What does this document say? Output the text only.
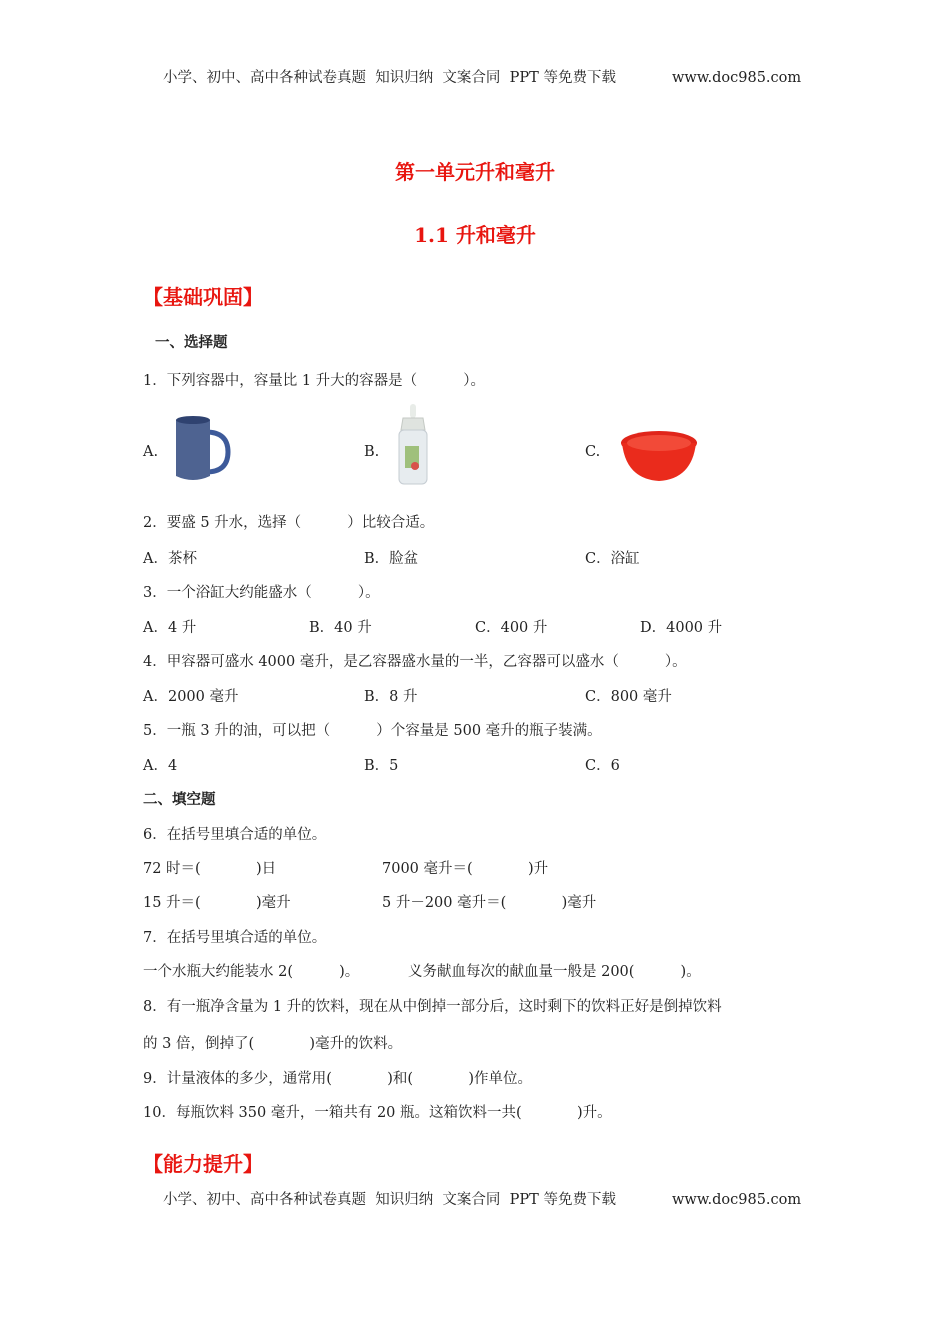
小学、初中、高中各种试卷真题  知识归纳  文案合同  PPT 等免费下载	www.doc985.com
第一单元升和毫升
1.1 升和毫升
【基础巩固】
一、选择题
1．下列容器中，容量比 1 升大的容器是（          ）。
A.	B.	C.
2．要盛 5 升水，选择（          ）比较合适。
A．茶杯	B．脸盆	C．浴缸
3．一个浴缸大约能盛水（          ）。
A．4 升	B．40 升	C．400 升	D．4000 升
4．甲容器可盛水 4000 毫升，是乙容器盛水量的一半，乙容器可以盛水（          ）。
A．2000 毫升	B．8 升	C．800 毫升
5．一瓶 3 升的油，可以把（          ）个容量是 500 毫升的瓶子装满。
A．4	B．5	C．6
二、填空题
6．在括号里填合适的单位。
72 时＝(            )日	7000 毫升＝(            )升
15 升＝(            )毫升	5 升－200 毫升＝(            )毫升
7．在括号里填合适的单位。
一个水瓶大约能装水 2(          )。	义务献血每次的献血量一般是 200(          )。
8．有一瓶净含量为 1 升的饮料，现在从中倒掉一部分后，这时剩下的饮料正好是倒掉饮料
的 3 倍，倒掉了(            )毫升的饮料。
9．计量液体的多少，通常用(            )和(            )作单位。
10．每瓶饮料 350 毫升，一箱共有 20 瓶。这箱饮料一共(            )升。
【能力提升】
小学、初中、高中各种试卷真题  知识归纳  文案合同  PPT 等免费下载	www.doc985.com
